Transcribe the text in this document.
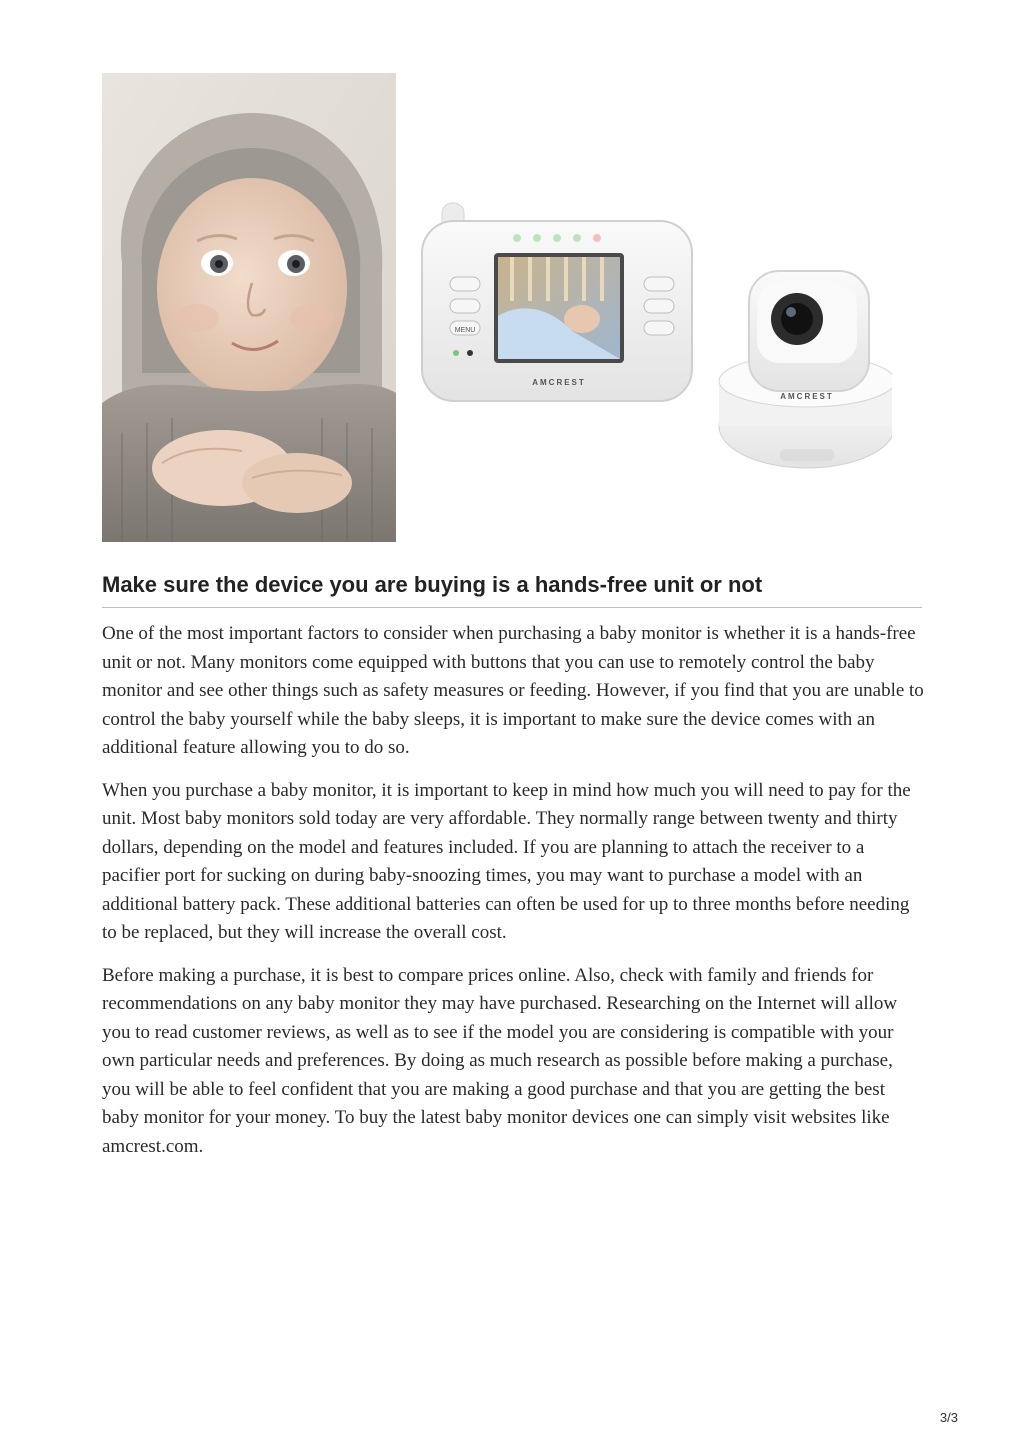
MENU
AMCREST
AMCREST
Make sure the device you are buying is a hands-free unit or not

One of the most important factors to consider when purchasing a baby monitor is whether it is a hands-free unit or not. Many monitors come equipped with buttons that you can use to remotely control the baby monitor and see other things such as safety measures or feeding. However, if you find that you are unable to control the baby yourself while the baby sleeps, it is important to make sure the device comes with an additional feature allowing you to do so.

When you purchase a baby monitor, it is important to keep in mind how much you will need to pay for the unit. Most baby monitors sold today are very affordable. They normally range between twenty and thirty dollars, depending on the model and features included. If you are planning to attach the receiver to a pacifier port for sucking on during baby-snoozing times, you may want to purchase a model with an additional battery pack. These additional batteries can often be used for up to three months before needing to be replaced, but they will increase the overall cost.

Before making a purchase, it is best to compare prices online. Also, check with family and friends for recommendations on any baby monitor they may have purchased. Researching on the Internet will allow you to read customer reviews, as well as to see if the model you are considering is compatible with your own particular needs and preferences. By doing as much research as possible before making a purchase, you will be able to feel confident that you are making a good purchase and that you are getting the best baby monitor for your money. To buy the latest baby monitor devices one can simply visit websites like amcrest.com.

3/3
